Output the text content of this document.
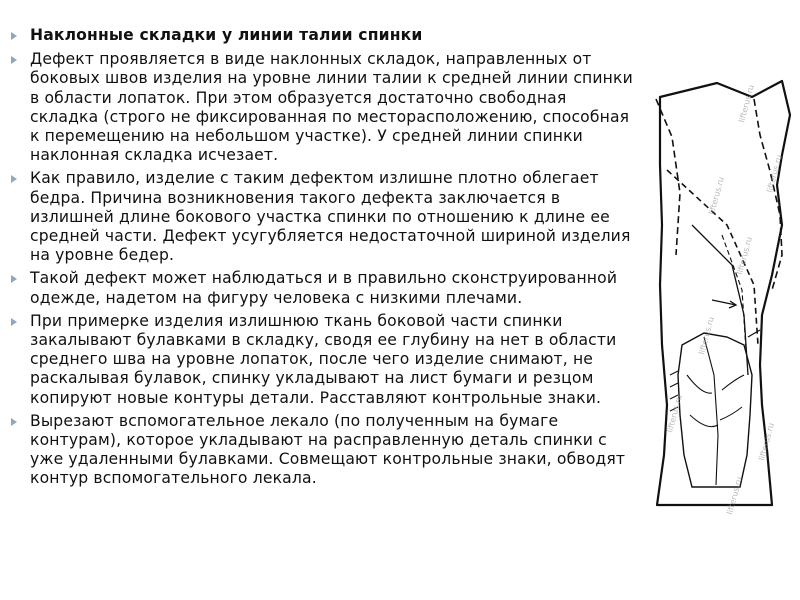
Наклонные складки у линии талии спинки
Дефект проявляется в виде наклонных складок, направленных от боковых швов изделия на уровне линии талии к средней линии спинки в области лопаток. При этом образуется достаточно свободная складка (строго не фиксированная по месторасположению, способная к перемещению на небольшом участке). У средней линии спинки наклонная складка исчезает.
Как правило, изделие с таким дефектом излишне плотно облегает бедра. Причина возникновения такого дефекта заключается в излишней длине бокового участка спинки по отношению к длине ее средней части. Дефект усугубляется недостаточной шириной изделия на уровне бедер.
Такой дефект может наблюдаться и в правильно сконструированной одежде, надетом на фигуру человека с низкими плечами.
При примерке изделия излишнюю ткань боковой части спинки закалывают булавками в складку, сводя ее глубину на нет в области среднего шва на уровне лопаток, после чего изделие снимают, не раскалывая булавок, спинку укладывают на лист бумаги и резцом копируют новые контуры детали. Расставляют контрольные знаки.
Вырезают вспомогательное лекало (по полученным на бумаге контурам), которое укладывают на расправленную деталь спинки с уже удаленными булавками. Совмещают контрольные знаки, обводят контур вспомогательного лекала.
lifterus.ru
lifterus.ru
lifterus.ru
lifterus.ru
lifterus.ru
lifterus.ru
lifterus.ru
lifterus.ru
